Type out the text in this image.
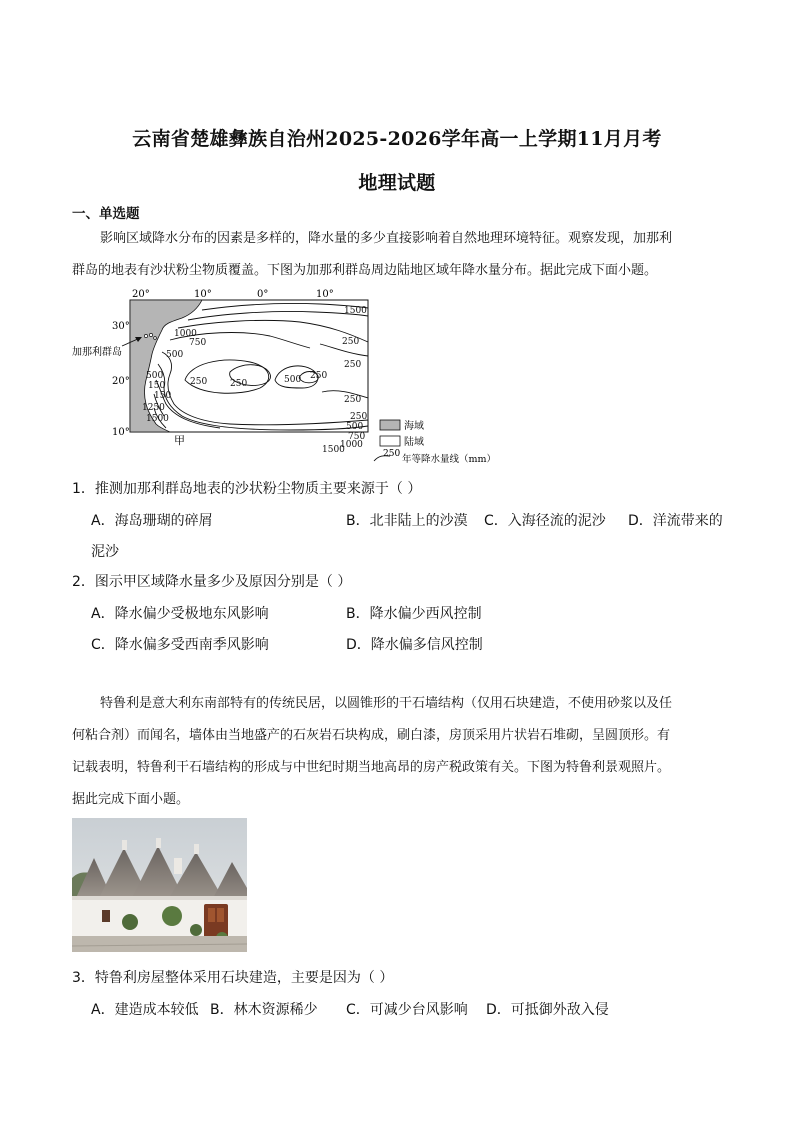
云南省楚雄彝族自治州2025-2026学年高一上学期11月月考
地理试题
一、单选题
影响区域降水分布的因素是多样的，降水量的多少直接影响着自然地理环境特征。观察发现，加那利
群岛的地表有沙状粉尘物质覆盖。下图为加那利群岛周边陆地区域年降水量分布。据此完成下面小题。
20°	10°	0°	10°
30°
20°
10°
1500
1000
750
500
250
250
250	250
250
500
500
250
150
150
1250
1500	250
500
750
1000
1500
甲
加那利群岛
海域
陆域
250 年等降水量线（mm）
1．推测加那利群岛地表的沙状粉尘物质主要来源于（ ）
A．海岛珊瑚的碎屑	B．北非陆上的沙漠 C．入海径流的泥沙 D．洋流带来的
泥沙
2．图示甲区域降水量多少及原因分别是（ ）
A．降水偏少受极地东风影响	B．降水偏少西风控制
C．降水偏多受西南季风影响	D．降水偏多信风控制
特鲁利是意大利东南部特有的传统民居，以圆锥形的干石墙结构（仅用石块建造，不使用砂浆以及任
何粘合剂）而闻名，墙体由当地盛产的石灰岩石块构成，刷白漆，房顶采用片状岩石堆砌，呈圆顶形。有
记载表明，特鲁利干石墙结构的形成与中世纪时期当地高昂的房产税政策有关。下图为特鲁利景观照片。
据此完成下面小题。
3．特鲁利房屋整体采用石块建造，主要是因为（ ）
A．建造成本较低 B．林木资源稀少 C．可减少台风影响 D．可抵御外敌入侵
